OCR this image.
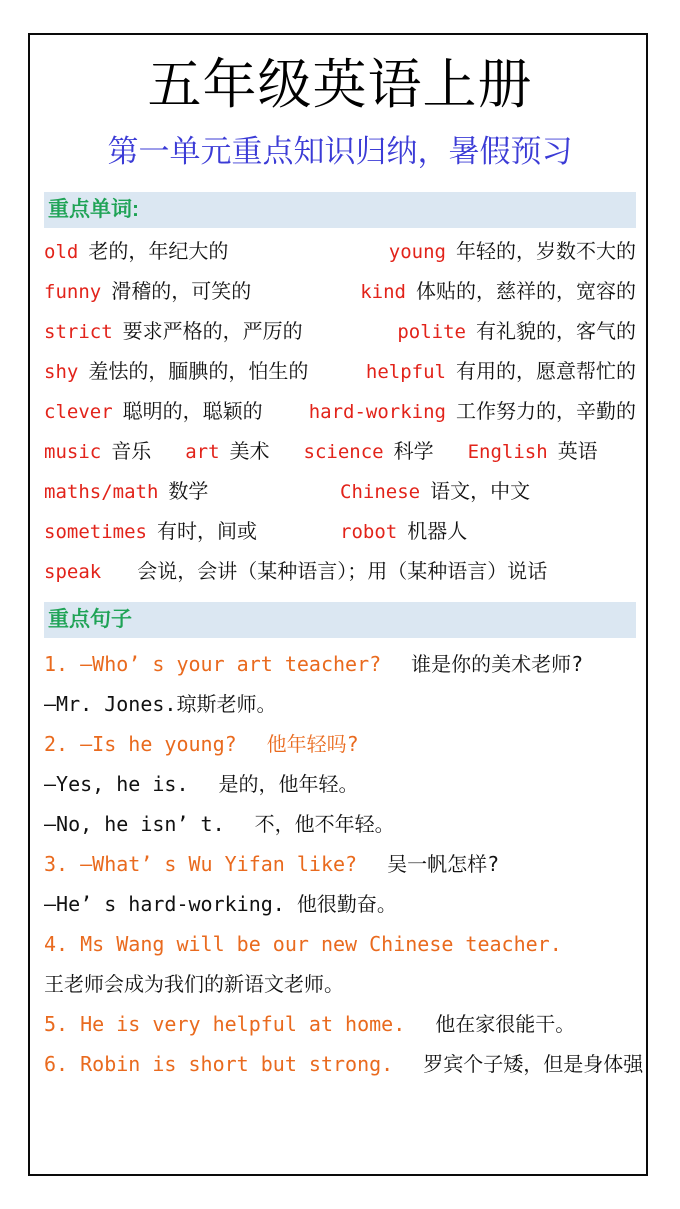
五年级英语上册
第一单元重点知识归纳，暑假预习
重点单词:
old 老的，年纪大的	young 年轻的，岁数不大的
funny 滑稽的，可笑的	kind 体贴的，慈祥的，宽容的
strict 要求严格的，严厉的	polite 有礼貌的，客气的
shy 羞怯的，腼腆的，怕生的	helpful 有用的，愿意帮忙的
clever 聪明的，聪颖的 hard-working 工作努力的，辛勤的
music 音乐 art 美术 science 科学 English 英语
maths/math 数学	Chinese 语文，中文
sometimes 有时，间或	robot 机器人
speak 会说，会讲（某种语言）；用（某种语言）说话
重点句子
1. —Who’ s your art teacher? 谁是你的美术老师?
—Mr. Jones.琼斯老师。
2. —Is he young? 他年轻吗?
—Yes, he is. 是的，他年轻。
—No, he isn’ t. 不，他不年轻。
3. —What’ s Wu Yifan like? 吴一帆怎样?
—He’ s hard-working. 他很勤奋。
4. Ms Wang will be our new Chinese teacher.
王老师会成为我们的新语文老师。
5. He is very helpful at home. 他在家很能干。
6. Robin is short but strong. 罗宾个子矮，但是身体强
